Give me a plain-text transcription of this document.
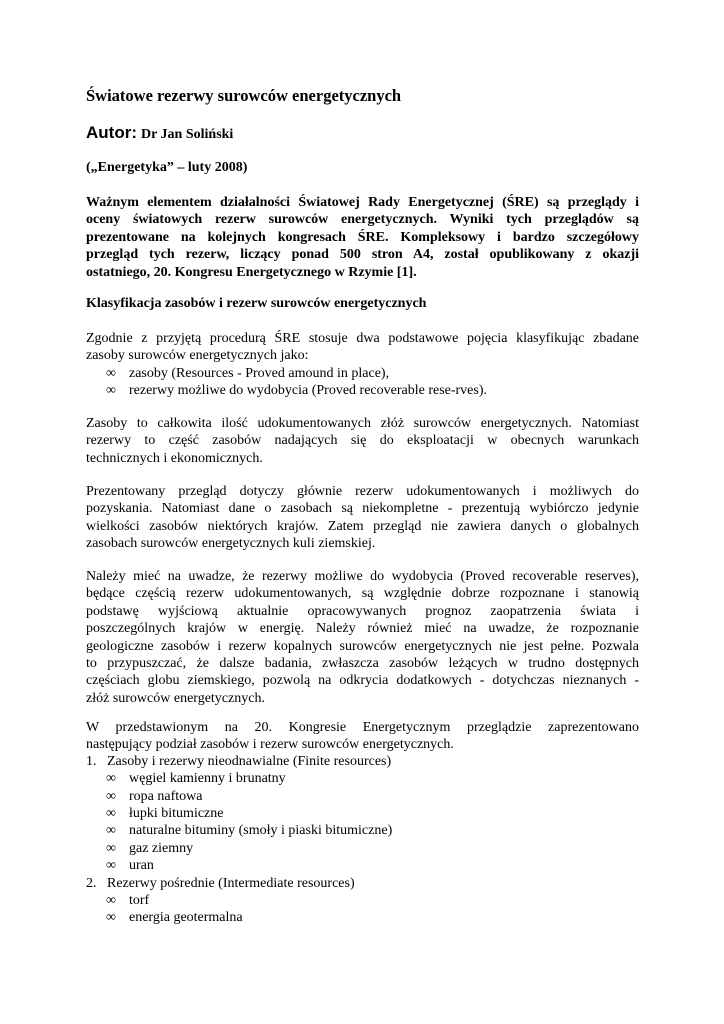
Światowe rezerwy surowców energetycznych
Autor: Dr Jan Soliński
(„Energetyka” – luty 2008)
Ważnym elementem działalności Światowej Rady Energetycznej (ŚRE) są przeglądy i
oceny światowych rezerw surowców energetycznych. Wyniki tych przeglądów są
prezentowane na kolejnych kongresach ŚRE. Kompleksowy i bardzo szczegółowy
przegląd tych rezerw, liczący ponad 500 stron A4, został opublikowany z okazji
ostatniego, 20. Kongresu Energetycznego w Rzymie [1].
Klasyfikacja zasobów i rezerw surowców energetycznych
Zgodnie z przyjętą procedurą ŚRE stosuje dwa podstawowe pojęcia klasyfikując zbadane
zasoby surowców energetycznych jako:
∞ zasoby (Resources - Proved amound in place),
∞ rezerwy możliwe do wydobycia (Proved recoverable rese-rves).
Zasoby to całkowita ilość udokumentowanych złóż surowców energetycznych. Natomiast
rezerwy to część zasobów nadających się do eksploatacji w obecnych warunkach
technicznych i ekonomicznych.
Prezentowany przegląd dotyczy głównie rezerw udokumentowanych i możliwych do
pozyskania. Natomiast dane o zasobach są niekompletne - prezentują wybiórczo jedynie
wielkości zasobów niektórych krajów. Zatem przegląd nie zawiera danych o globalnych
zasobach surowców energetycznych kuli ziemskiej.
Należy mieć na uwadze, że rezerwy możliwe do wydobycia (Proved recoverable reserves),
będące częścią rezerw udokumentowanych, są względnie dobrze rozpoznane i stanowią
podstawę wyjściową aktualnie opracowywanych prognoz zaopatrzenia świata i
poszczególnych krajów w energię. Należy również mieć na uwadze, że rozpoznanie
geologiczne zasobów i rezerw kopalnych surowców energetycznych nie jest pełne. Pozwala
to przypuszczać, że dalsze badania, zwłaszcza zasobów leżących w trudno dostępnych
częściach globu ziemskiego, pozwolą na odkrycia dodatkowych - dotychczas nieznanych -
złóż surowców energetycznych.
W przedstawionym na 20. Kongresie Energetycznym przeglądzie zaprezentowano
następujący podział zasobów i rezerw surowców energetycznych.
1. Zasoby i rezerwy nieodnawialne (Finite resources)
∞ węgiel kamienny i brunatny
∞ ropa naftowa
∞ łupki bitumiczne
∞ naturalne bituminy (smoły i piaski bitumiczne)
∞ gaz ziemny
∞ uran
2. Rezerwy pośrednie (Intermediate resources)
∞ torf
∞ energia geotermalna
